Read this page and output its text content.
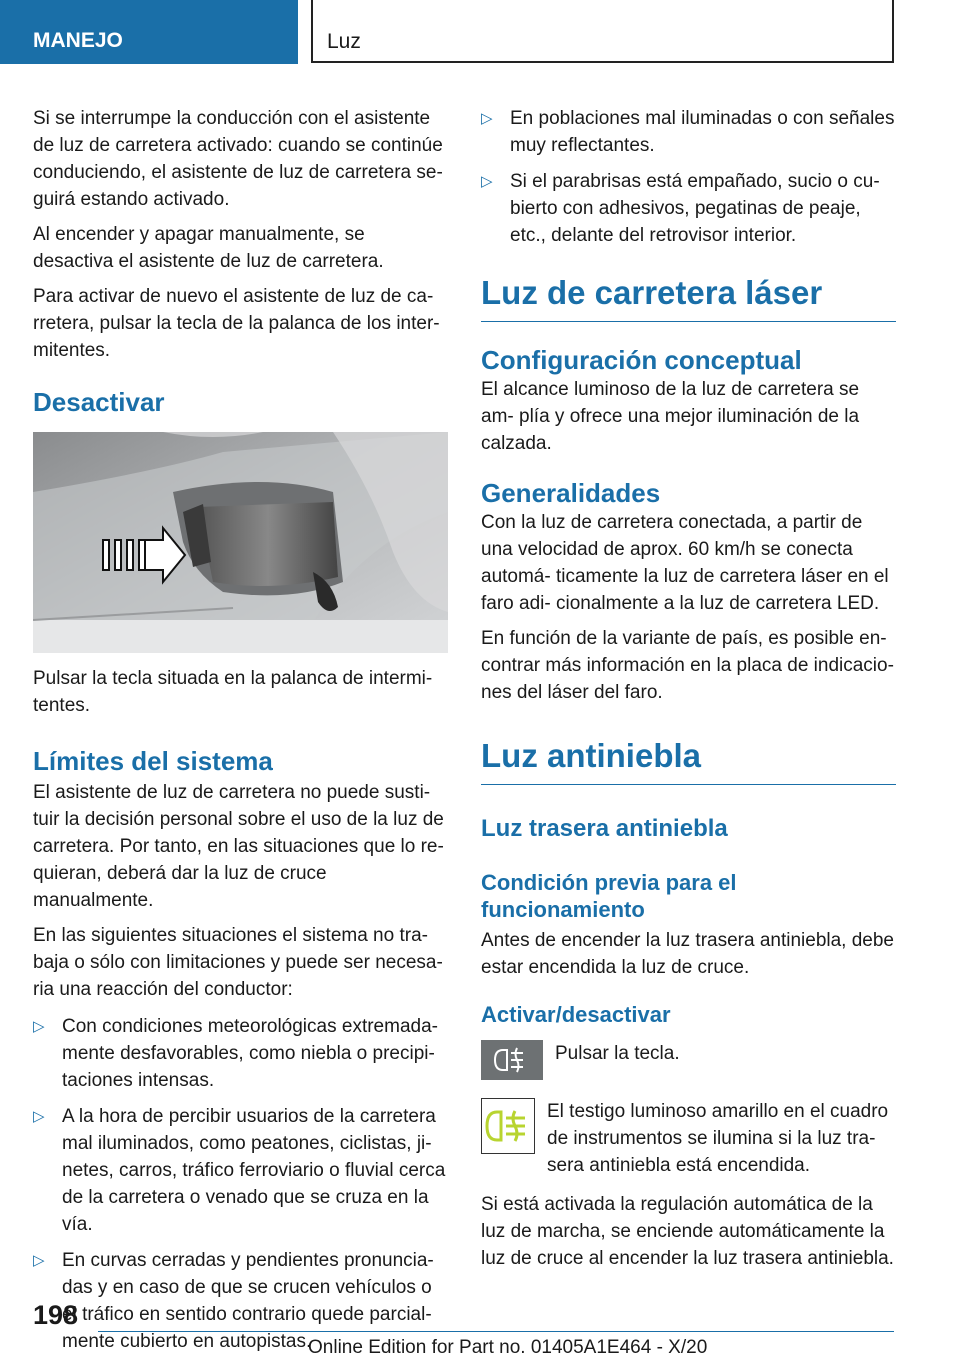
MANEJO	Luz

Si se interrumpe la conducción con el asistente de luz de carretera activado: cuando se continúe conduciendo, el asistente de luz de carretera se‐ guirá estando activado.

Al encender y apagar manualmente, se desactiva el asistente de luz de carretera.

Para activar de nuevo el asistente de luz de ca‐ rretera, pulsar la tecla de la palanca de los inter‐ mitentes.

Desactivar

Pulsar la tecla situada en la palanca de intermi‐ tentes.

Límites del sistema

El asistente de luz de carretera no puede susti‐ tuir la decisión personal sobre el uso de la luz de carretera. Por tanto, en las situaciones que lo re‐ quieran, deberá dar la luz de cruce manualmente.

En las siguientes situaciones el sistema no tra‐ baja o sólo con limitaciones y puede ser necesa‐ ria una reacción del conductor:

▷ Con condiciones meteorológicas extremada‐ mente desfavorables, como niebla o precipi‐ taciones intensas.
▷ A la hora de percibir usuarios de la carretera mal iluminados, como peatones, ciclistas, ji‐ netes, carros, tráfico ferroviario o fluvial cerca de la carretera o venado que se cruza en la vía.
▷ En curvas cerradas y pendientes pronuncia‐ das y en caso de que se crucen vehículos o el tráfico en sentido contrario quede parcial‐ mente cubierto en autopistas.
▷ En poblaciones mal iluminadas o con señales muy reflectantes.
▷ Si el parabrisas está empañado, sucio o cu‐ bierto con adhesivos, pegatinas de peaje, etc., delante del retrovisor interior.
Luz de carretera láser
Configuración conceptual

El alcance luminoso de la luz de carretera se am‐ plía y ofrece una mejor iluminación de la calzada.

Generalidades

Con la luz de carretera conectada, a partir de una velocidad de aprox. 60 km/h se conecta automá‐ ticamente la luz de carretera láser en el faro adi‐ cionalmente a la luz de carretera LED.

En función de la variante de país, es posible en‐ contrar más información en la placa de indicacio‐ nes del láser del faro.

Luz antiniebla
Luz trasera antiniebla
Condición previa para el funcionamiento

Antes de encender la luz trasera antiniebla, debe estar encendida la luz de cruce.

Activar/desactivar

Pulsar la tecla.

El testigo luminoso amarillo en el cuadro de instrumentos se ilumina si la luz tra‐ sera antiniebla está encendida.

Si está activada la regulación automática de la luz de marcha, se enciende automáticamente la luz de cruce al encender la luz trasera antiniebla.

198
Online Edition for Part no. 01405A1E464 - X/20
